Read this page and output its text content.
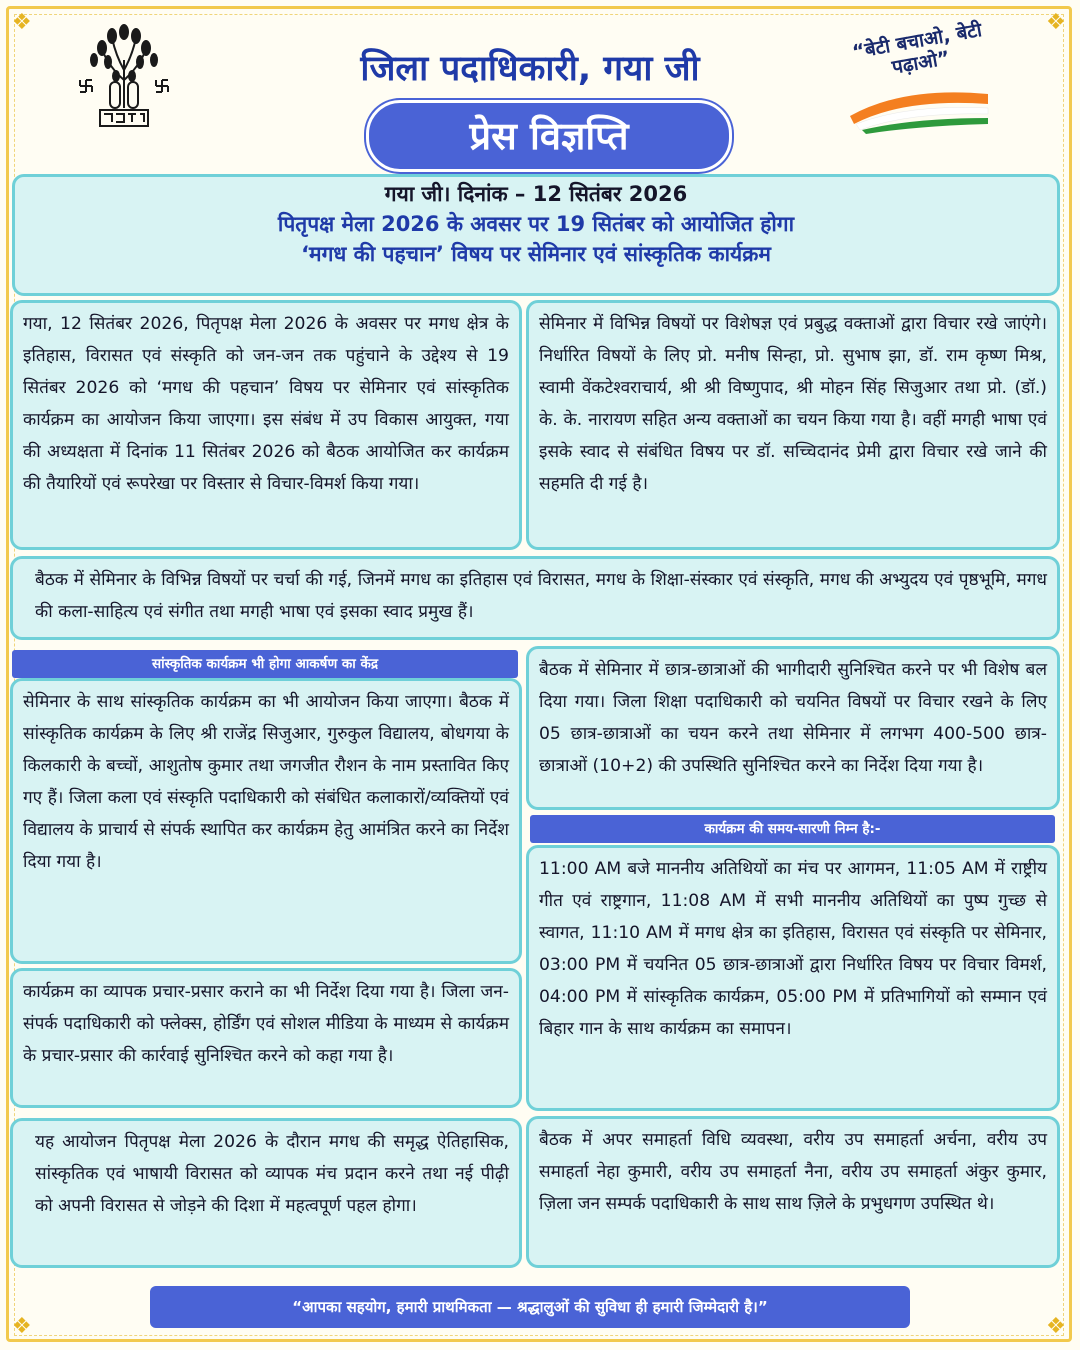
❖	❖
❖	❖
“बेटी बचाओ, बेटी पढ़ाओ”
जिला पदाधिकारी, गया जी
प्रेस विज्ञप्ति
गया जी। दिनांक – 12 सितंबर 2026
पितृपक्ष मेला 2026 के अवसर पर 19 सितंबर को आयोजित होगा
‘मगध की पहचान’ विषय पर सेमिनार एवं सांस्कृतिक कार्यक्रम
गया, 12 सितंबर 2026, पितृपक्ष मेला 2026 के अवसर पर मगध क्षेत्र के इतिहास, विरासत एवं संस्कृति को जन-जन तक पहुंचाने के उद्देश्य से 19 सितंबर 2026 को ‘मगध की पहचान’ विषय पर सेमिनार एवं सांस्कृतिक कार्यक्रम का आयोजन किया जाएगा। इस संबंध में उप विकास आयुक्त, गया की अध्यक्षता में दिनांक 11 सितंबर 2026 को बैठक आयोजित कर कार्यक्रम की तैयारियों एवं रूपरेखा पर विस्तार से विचार-विमर्श किया गया।
सेमिनार में विभिन्न विषयों पर विशेषज्ञ एवं प्रबुद्ध वक्ताओं द्वारा विचार रखे जाएंगे। निर्धारित विषयों के लिए प्रो. मनीष सिन्हा, प्रो. सुभाष झा, डॉ. राम कृष्ण मिश्र, स्वामी वेंकटेश्वराचार्य, श्री श्री विष्णुपाद, श्री मोहन सिंह सिजुआर तथा प्रो. (डॉ.) के. के. नारायण सहित अन्य वक्ताओं का चयन किया गया है। वहीं मगही भाषा एवं इसके स्वाद से संबंधित विषय पर डॉ. सच्चिदानंद प्रेमी द्वारा विचार रखे जाने की सहमति दी गई है।
बैठक में सेमिनार के विभिन्न विषयों पर चर्चा की गई, जिनमें मगध का इतिहास एवं विरासत, मगध के शिक्षा-संस्कार एवं संस्कृति, मगध की अभ्युदय एवं पृष्ठभूमि, मगध की कला-साहित्य एवं संगीत तथा मगही भाषा एवं इसका स्वाद प्रमुख हैं।
सांस्कृतिक कार्यक्रम भी होगा आकर्षण का केंद्र
सेमिनार के साथ सांस्कृतिक कार्यक्रम का भी आयोजन किया जाएगा। बैठक में सांस्कृतिक कार्यक्रम के लिए श्री राजेंद्र सिजुआर, गुरुकुल विद्यालय, बोधगया के किलकारी के बच्चों, आशुतोष कुमार तथा जगजीत रौशन के नाम प्रस्तावित किए गए हैं। जिला कला एवं संस्कृति पदाधिकारी को संबंधित कलाकारों/व्यक्तियों एवं विद्यालय के प्राचार्य से संपर्क स्थापित कर कार्यक्रम हेतु आमंत्रित करने का निर्देश दिया गया है।
बैठक में सेमिनार में छात्र-छात्राओं की भागीदारी सुनिश्चित करने पर भी विशेष बल दिया गया। जिला शिक्षा पदाधिकारी को चयनित विषयों पर विचार रखने के लिए 05 छात्र-छात्राओं का चयन करने तथा सेमिनार में लगभग 400-500 छात्र-छात्राओं (10+2) की उपस्थिति सुनिश्चित करने का निर्देश दिया गया है।
कार्यक्रम की समय-सारणी निम्न है:-
11:00 AM बजे माननीय अतिथियों का मंच पर आगमन, 11:05 AM में राष्ट्रीय गीत एवं राष्ट्रगान, 11:08 AM में सभी माननीय अतिथियों का पुष्प गुच्छ से स्वागत, 11:10 AM में मगध क्षेत्र का इतिहास, विरासत एवं संस्कृति पर सेमिनार, 03:00 PM में चयनित 05 छात्र-छात्राओं द्वारा निर्धारित विषय पर विचार विमर्श, 04:00 PM में सांस्कृतिक कार्यक्रम, 05:00 PM में प्रतिभागियों को सम्मान एवं बिहार गान के साथ कार्यक्रम का समापन।
कार्यक्रम का व्यापक प्रचार-प्रसार कराने का भी निर्देश दिया गया है। जिला जन-संपर्क पदाधिकारी को फ्लेक्स, होर्डिंग एवं सोशल मीडिया के माध्यम से कार्यक्रम के प्रचार-प्रसार की कार्रवाई सुनिश्चित करने को कहा गया है।
यह आयोजन पितृपक्ष मेला 2026 के दौरान मगध की समृद्ध ऐतिहासिक, सांस्कृतिक एवं भाषायी विरासत को व्यापक मंच प्रदान करने तथा नई पीढ़ी को अपनी विरासत से जोड़ने की दिशा में महत्वपूर्ण पहल होगा।
बैठक में अपर समाहर्ता विधि व्यवस्था, वरीय उप समाहर्ता अर्चना, वरीय उप समाहर्ता नेहा कुमारी, वरीय उप समाहर्ता नैना, वरीय उप समाहर्ता अंकुर कुमार, ज़िला जन सम्पर्क पदाधिकारी के साथ साथ ज़िले के प्रभुधगण उपस्थित थे।
“आपका सहयोग, हमारी प्राथमिकता — श्रद्धालुओं की सुविधा ही हमारी जिम्मेदारी है।”
